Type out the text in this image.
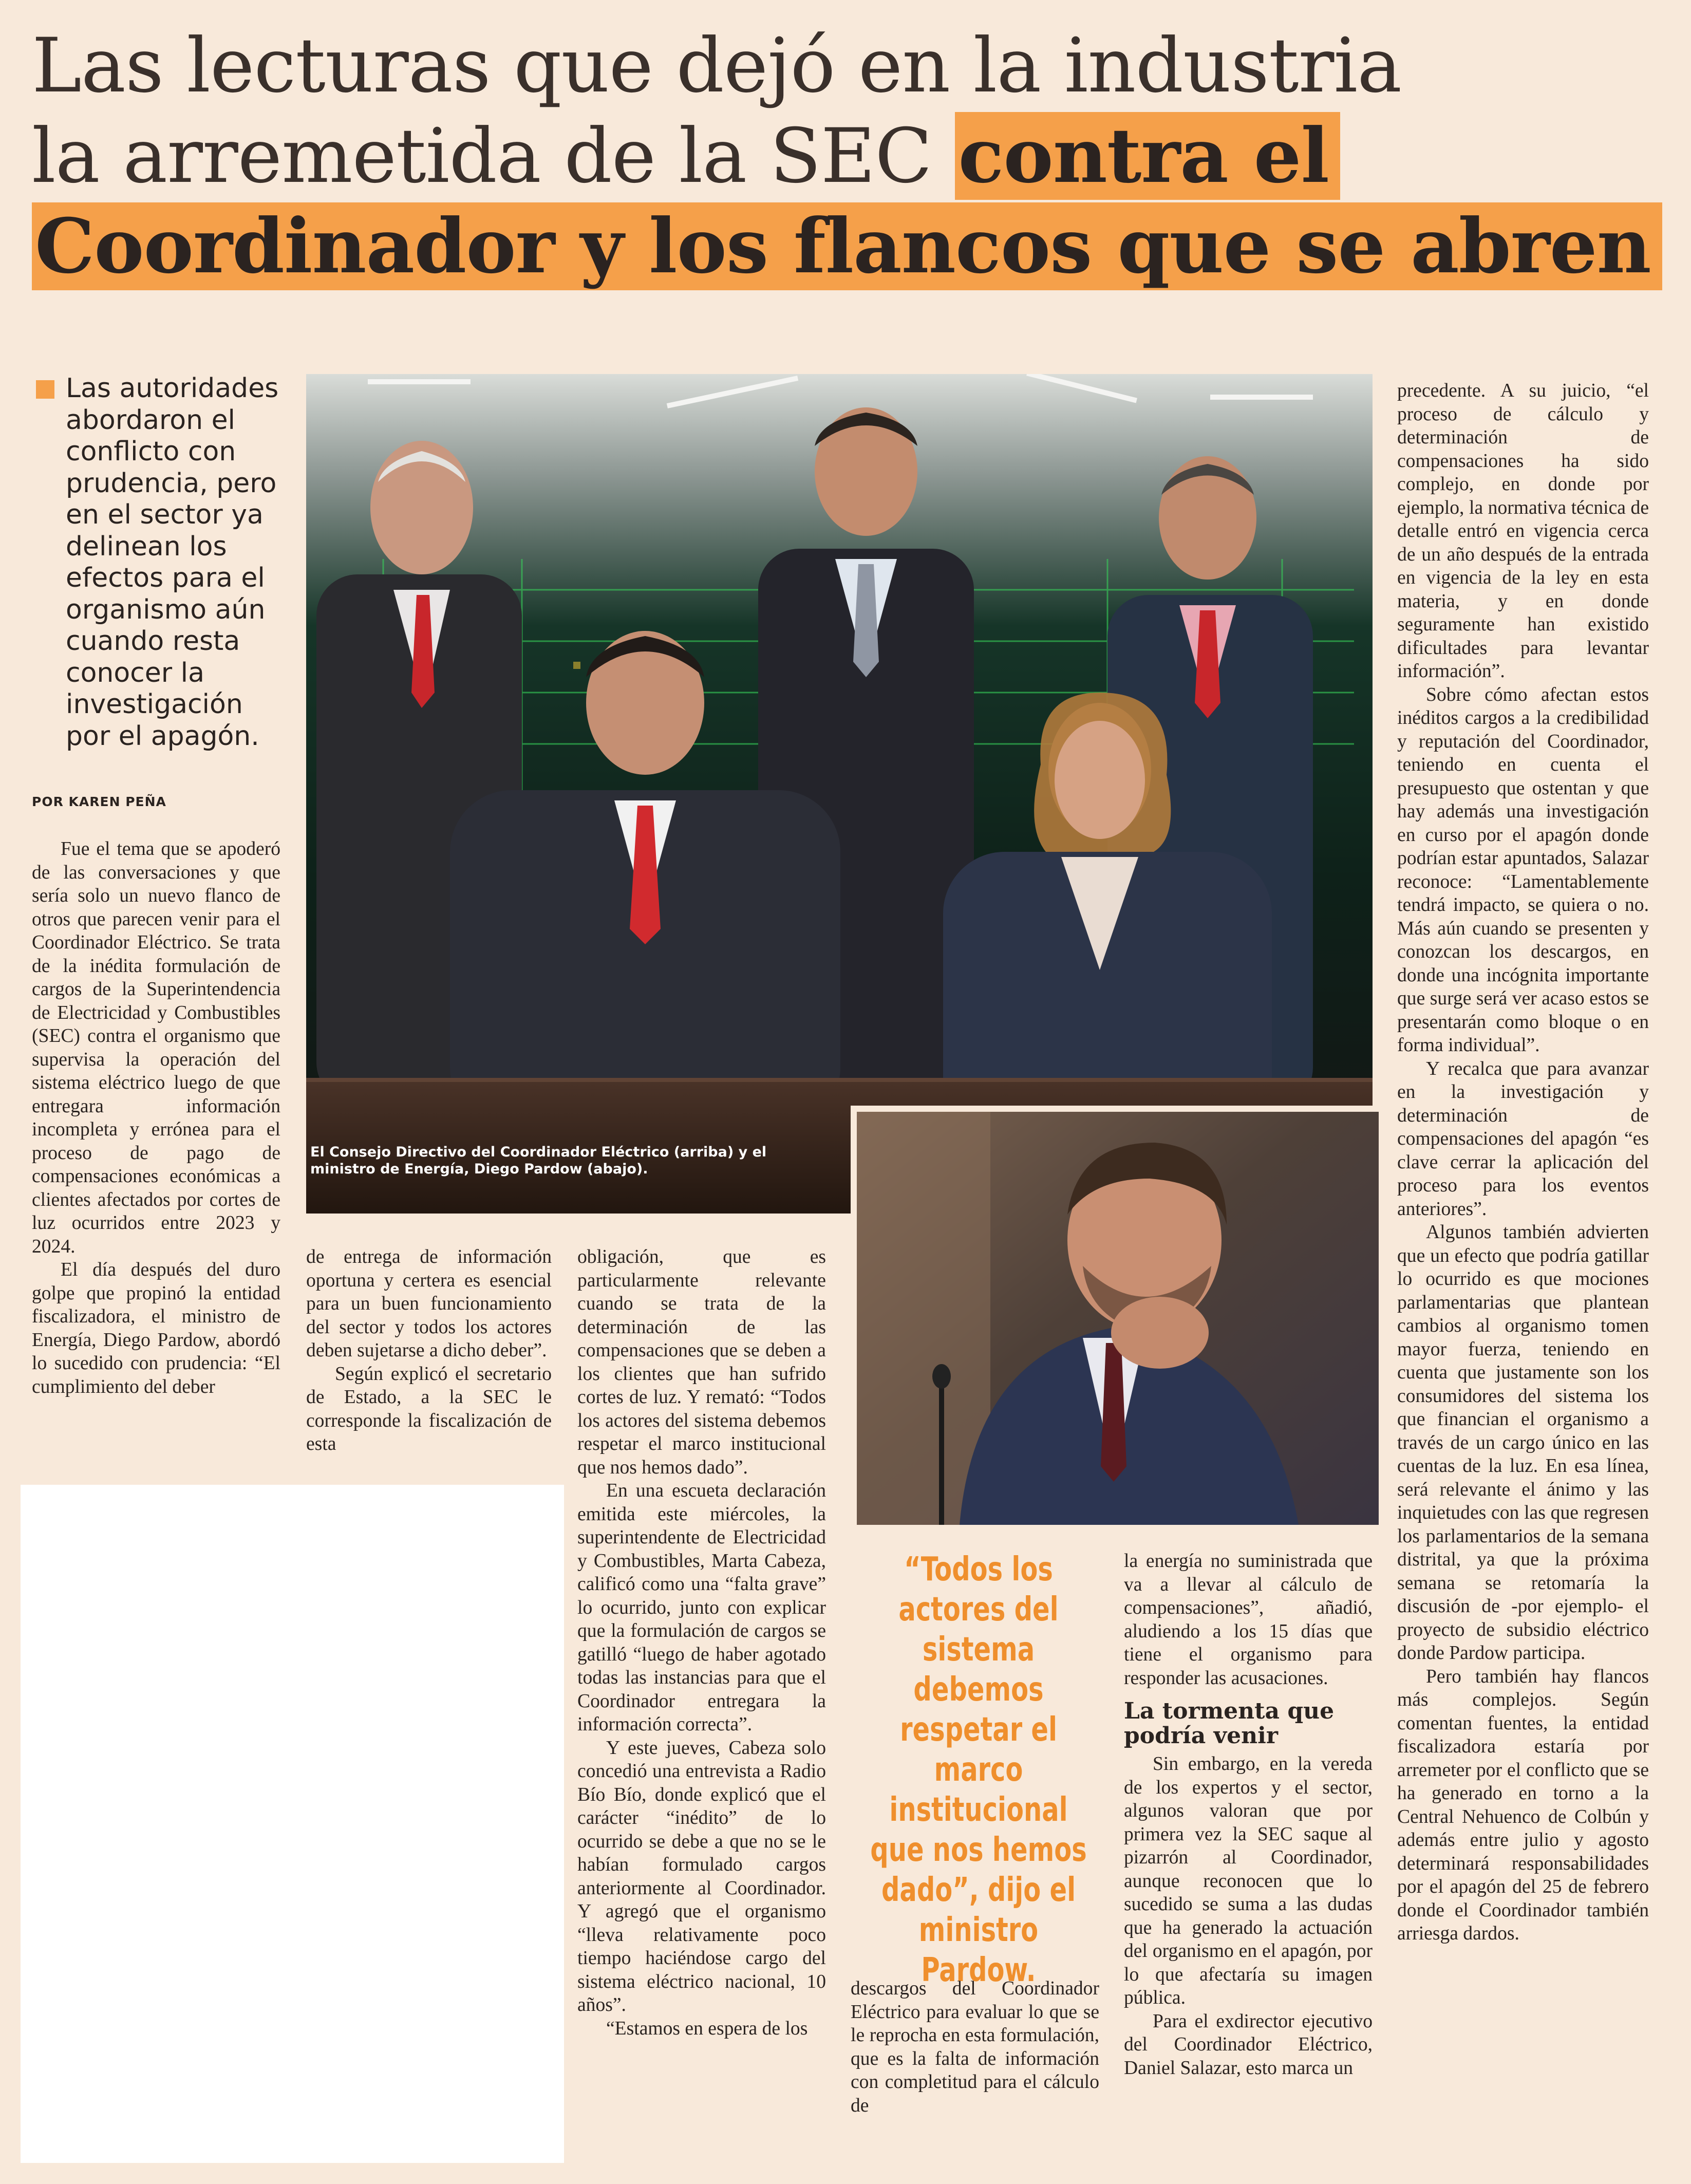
Las lecturas que dejó en la industria
la arremetida de la SEC contra el
Coordinador y los flancos que se abren
Las autoridades abordaron el conflicto con prudencia, pero en el sector ya delinean los efectos para el organismo aún cuando resta conocer la investigación por el apagón.
POR KAREN PEÑA
El Consejo Directivo del Coordinador Eléctrico (arriba) y el ministro de Energía, Diego Pardow (abajo).
“Todos los actores del sistema debemos respetar el marco institucional que nos hemos dado”, dijo el ministro Pardow.

Fue el tema que se apoderó de las conversaciones y que sería solo un nuevo flanco de otros que parecen venir para el Coordinador Eléctrico. Se trata de la inédita formulación de cargos de la Superintendencia de Electricidad y Combustibles (SEC) contra el organismo que supervisa la operación del sistema eléctrico luego de que entregara información incompleta y errónea para el proceso de pago de compensaciones económicas a clientes afectados por cortes de luz ocurridos entre 2023 y 2024.

El día después del duro golpe que propinó la entidad fiscalizadora, el ministro de Energía, Diego Pardow, abordó lo sucedido con prudencia: “El cumplimiento del deber

de entrega de información oportuna y certera es esencial para un buen funcionamiento del sector y todos los actores deben sujetarse a dicho deber”.

Según explicó el secretario de Estado, a la SEC le corresponde la fiscalización de esta

obligación, que es particularmente relevante cuando se trata de la determinación de las compensaciones que se deben a los clientes que han sufrido cortes de luz. Y remató: “Todos los actores del sistema debemos respetar el marco institucional que nos hemos dado”.

En una escueta declaración emitida este miércoles, la superintendente de Electricidad y Combustibles, Marta Cabeza, calificó como una “falta grave” lo ocurrido, junto con explicar que la formulación de cargos se gatilló “luego de haber agotado todas las instancias para que el Coordinador entregara la información correcta”.

Y este jueves, Cabeza solo concedió una entrevista a Radio Bío Bío, donde explicó que el carácter “inédito” de lo ocurrido se debe a que no se le habían formulado cargos anteriormente al Coordinador. Y agregó que el organismo “lleva relativamente poco tiempo haciéndose cargo del sistema eléctrico nacional, 10 años”.

“Estamos en espera de los

descargos del Coordinador Eléctrico para evaluar lo que se le reprocha en esta formulación, que es la falta de información con completitud para el cálculo de

la energía no suministrada que va a llevar al cálculo de compensaciones”, añadió, aludiendo a los 15 días que tiene el organismo para responder las acusaciones.

La tormenta que podría venir

Sin embargo, en la vereda de los expertos y el sector, algunos valoran que por primera vez la SEC saque al pizarrón al Coordinador, aunque reconocen que lo sucedido se suma a las dudas que ha generado la actuación del organismo en el apagón, por lo que afectaría su imagen pública.

Para el exdirector ejecutivo del Coordinador Eléctrico, Daniel Salazar, esto marca un

precedente. A su juicio, “el proceso de cálculo y determinación de compensaciones ha sido complejo, en donde por ejemplo, la normativa técnica de detalle entró en vigencia cerca de un año después de la entrada en vigencia de la ley en esta materia, y en donde seguramente han existido dificultades para levantar información”.

Sobre cómo afectan estos inéditos cargos a la credibilidad y reputación del Coordinador, teniendo en cuenta el presupuesto que ostentan y que hay además una investigación en curso por el apagón donde podrían estar apuntados, Salazar reconoce: “Lamentablemente tendrá impacto, se quiera o no. Más aún cuando se presenten y conozcan los descargos, en donde una incógnita importante que surge será ver acaso estos se presentarán como bloque o en forma individual”.

Y recalca que para avanzar en la investigación y determinación de compensaciones del apagón “es clave cerrar la aplicación del proceso para los eventos anteriores”.

Algunos también advierten que un efecto que podría gatillar lo ocurrido es que mociones parlamentarias que plantean cambios al organismo tomen mayor fuerza, teniendo en cuenta que justamente son los consumidores del sistema los que financian el organismo a través de un cargo único en las cuentas de la luz. En esa línea, será relevante el ánimo y las inquietudes con las que regresen los parlamentarios de la semana distrital, ya que la próxima semana se retomaría la discusión de -por ejemplo- el proyecto de subsidio eléctrico donde Pardow participa.

Pero también hay flancos más complejos. Según comentan fuentes, la entidad fiscalizadora estaría por arremeter por el conflicto que se ha generado en torno a la Central Nehuenco de Colbún y además entre julio y agosto determinará responsabilidades por el apagón del 25 de febrero donde el Coordinador también arriesga dardos.
